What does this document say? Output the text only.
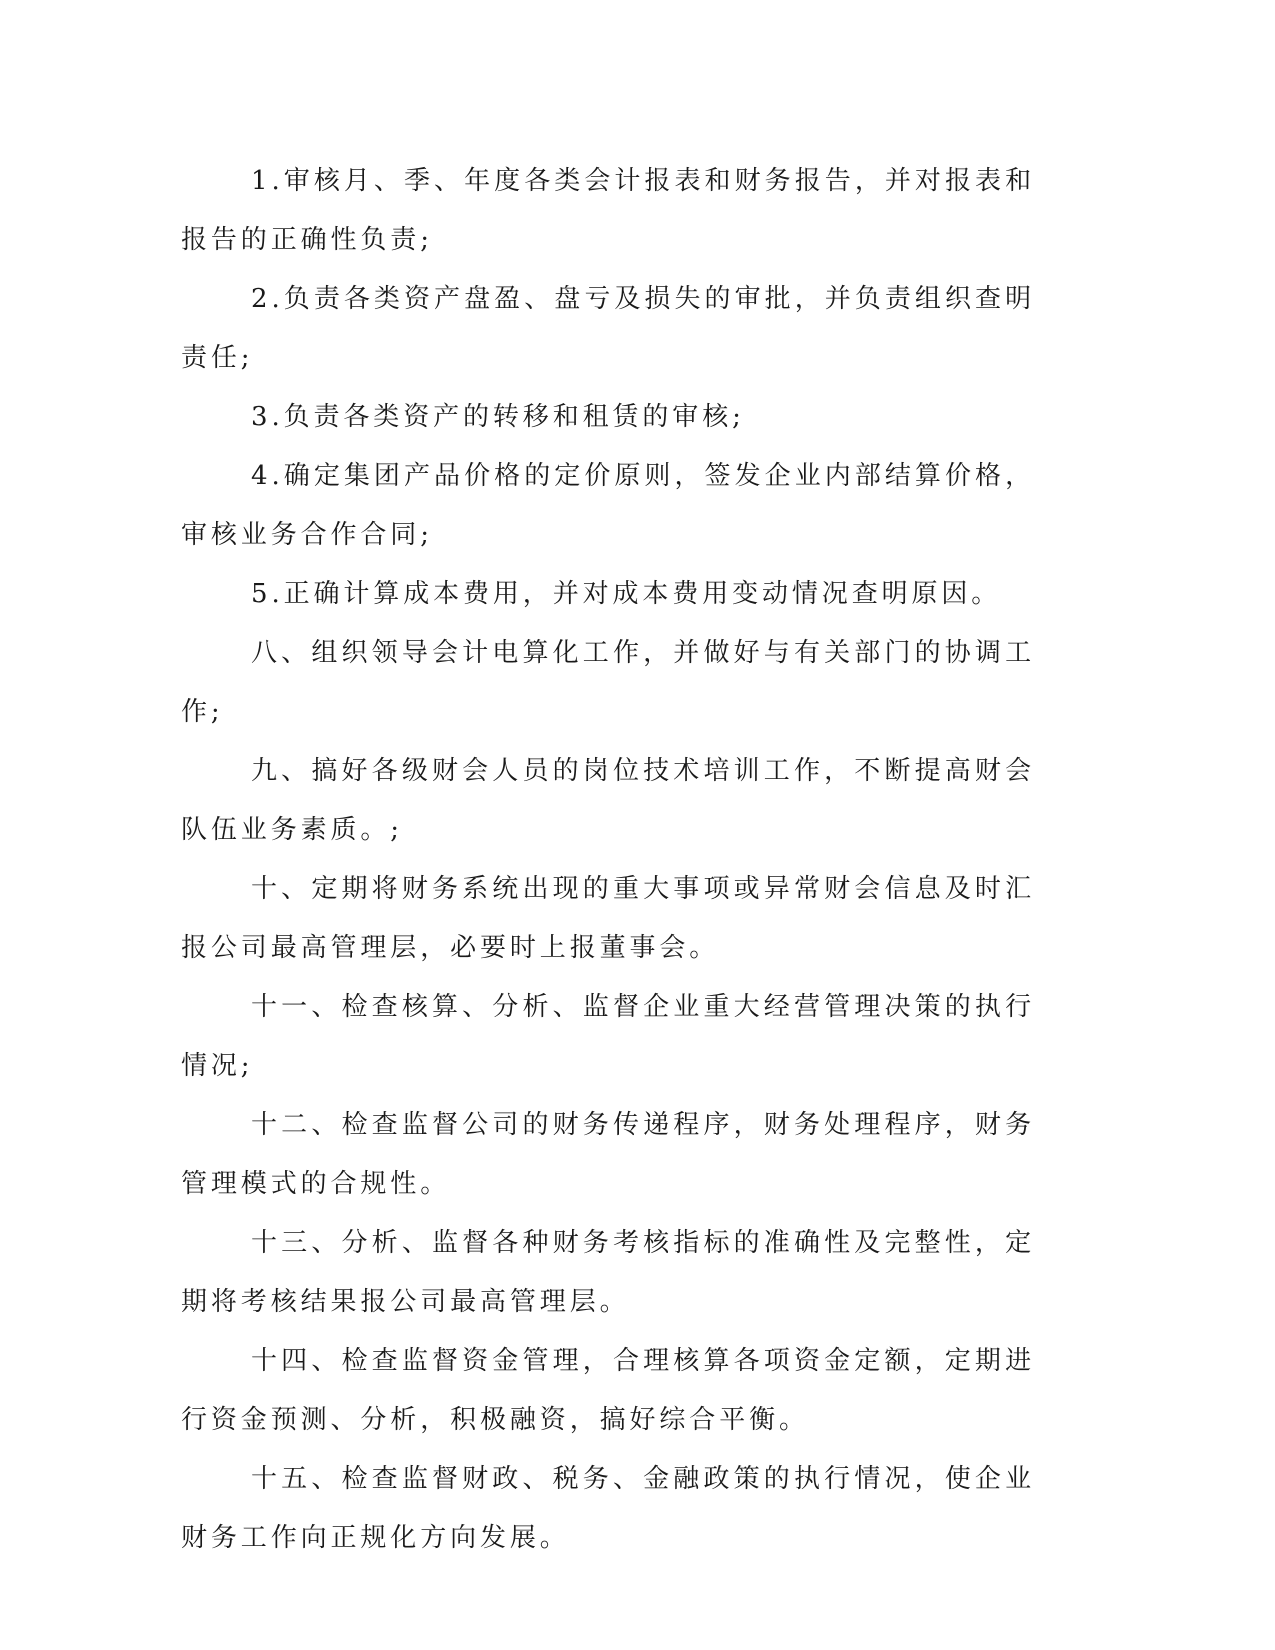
1.审核月、季、年度各类会计报表和财务报告，并对报表和报告的正确性负责;

2.负责各类资产盘盈、盘亏及损失的审批，并负责组织查明责任;

3.负责各类资产的转移和租赁的审核;

4.确定集团产品价格的定价原则，签发企业内部结算价格，审核业务合作合同;

5.正确计算成本费用，并对成本费用变动情况查明原因。

八、组织领导会计电算化工作，并做好与有关部门的协调工作;

九、搞好各级财会人员的岗位技术培训工作，不断提高财会队伍业务素质。;

十、定期将财务系统出现的重大事项或异常财会信息及时汇报公司最高管理层，必要时上报董事会。

十一、检查核算、分析、监督企业重大经营管理决策的执行情况;

十二、检查监督公司的财务传递程序，财务处理程序，财务管理模式的合规性。

十三、分析、监督各种财务考核指标的准确性及完整性，定期将考核结果报公司最高管理层。

十四、检查监督资金管理，合理核算各项资金定额，定期进行资金预测、分析，积极融资，搞好综合平衡。

十五、检查监督财政、税务、金融政策的执行情况，使企业财务工作向正规化方向发展。
